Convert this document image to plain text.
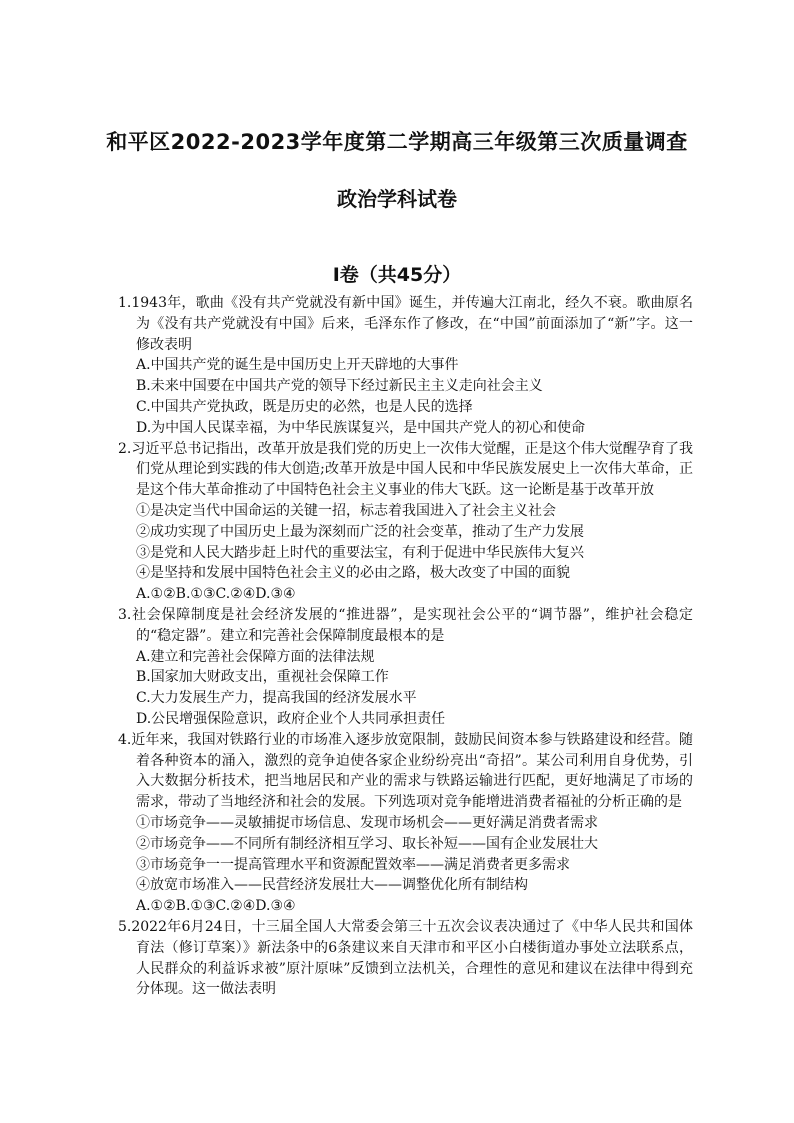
和平区2022-2023学年度第二学期高三年级第三次质量调查
政治学科试卷
Ⅰ卷（共45分）

1.1943年，歌曲《没有共产党就没有新中国》诞生，并传遍大江南北，经久不衰。歌曲原名为《没有共产党就没有中国》后来，毛泽东作了修改，在“中国”前面添加了“新”字。这一修改表明

A.中国共产党的诞生是中国历史上开天辟地的大事件

B.未来中国要在中国共产党的领导下经过新民主主义走向社会主义

C.中国共产党执政，既是历史的必然，也是人民的选择

D.为中国人民谋幸福，为中华民族谋复兴，是中国共产党人的初心和使命

2.习近平总书记指出，改革开放是我们党的历史上一次伟大觉醒，正是这个伟大觉醒孕育了我们党从理论到实践的伟大创造;改革开放是中国人民和中华民族发展史上一次伟大革命，正是这个伟大革命推动了中国特色社会主义事业的伟大飞跃。这一论断是基于改革开放

①是决定当代中国命运的关键一招，标志着我国进入了社会主义社会

②成功实现了中国历史上最为深刻而广泛的社会变革，推动了生产力发展

③是党和人民大踏步赶上时代的重要法宝，有利于促进中华民族伟大复兴

④是坚持和发展中国特色社会主义的必由之路，极大改变了中国的面貌

A.①②B.①③C.②④D.③④

3.社会保障制度是社会经济发展的“推进器”，是实现社会公平的“调节器”，维护社会稳定的“稳定器”。建立和完善社会保障制度最根本的是

A.建立和完善社会保障方面的法律法规

B.国家加大财政支出，重视社会保障工作

C.大力发展生产力，提高我国的经济发展水平

D.公民增强保险意识，政府企业个人共同承担责任

4.近年来，我国对铁路行业的市场准入逐步放宽限制，鼓励民间资本参与铁路建设和经营。随着各种资本的涌入，激烈的竞争迫使各家企业纷纷亮出“奇招”。某公司利用自身优势，引入大数据分析技术，把当地居民和产业的需求与铁路运输进行匹配，更好地满足了市场的需求，带动了当地经济和社会的发展。下列选项对竞争能增进消费者福祉的分析正确的是

①市场竞争——灵敏捕捉市场信息、发现市场机会——更好满足消费者需求

②市场竞争——不同所有制经济相互学习、取长补短——国有企业发展壮大

③市场竞争一一提高管理水平和资源配置效率——满足消费者更多需求

④放宽市场准入——民营经济发展壮大——调整优化所有制结构

A.①②B.①③C.②④D.③④

5.2022年6月24日，十三届全国人大常委会第三十五次会议表决通过了《中华人民共和国体育法（修订草案）》新法条中的6条建议来自天津市和平区小白楼街道办事处立法联系点，人民群众的利益诉求被”原汁原味”反馈到立法机关，合理性的意见和建议在法律中得到充分体现。这一做法表明
